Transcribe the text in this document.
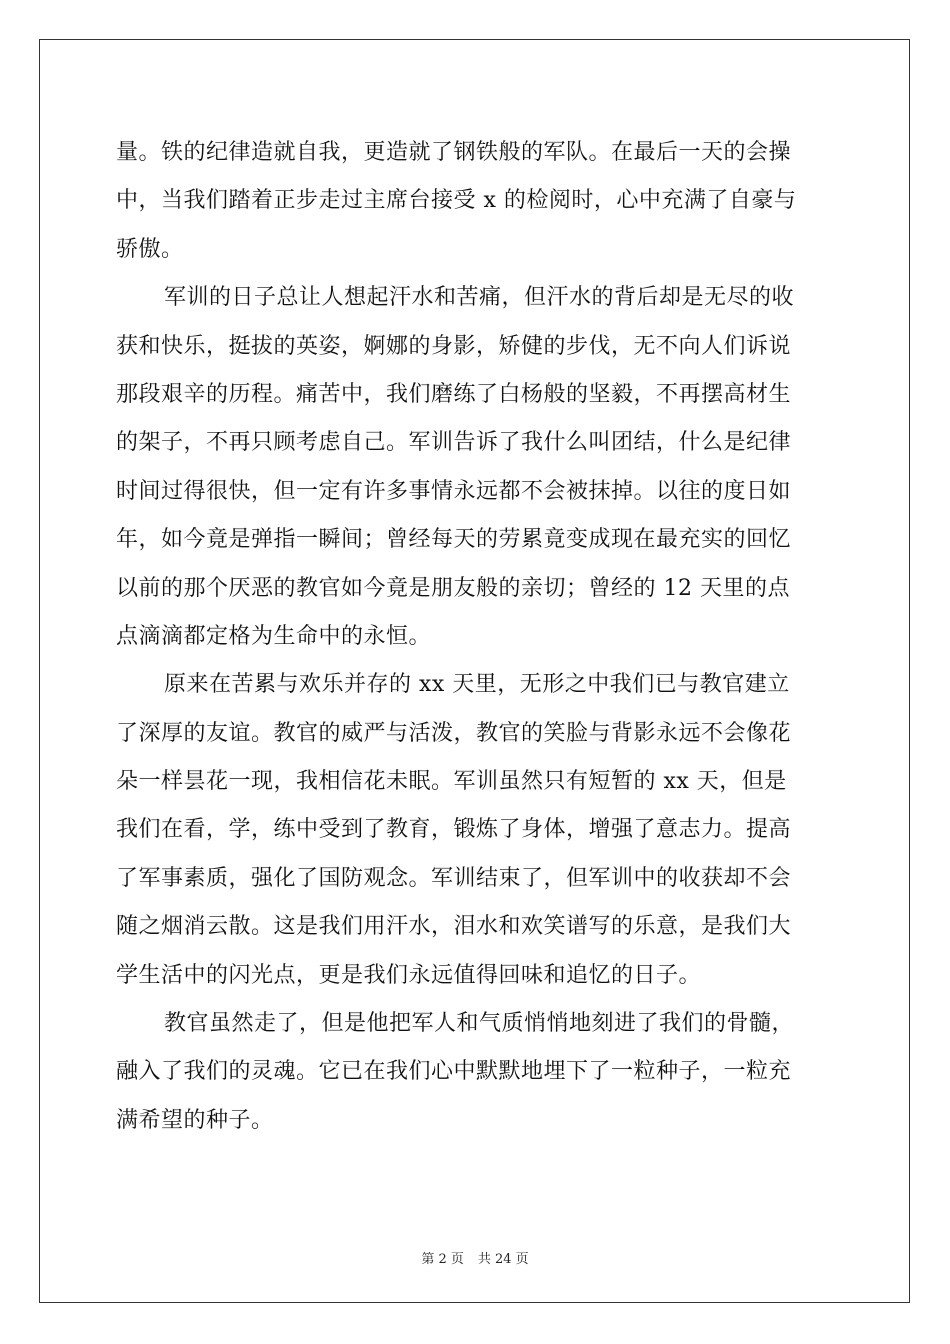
量。铁的纪律造就自我，更造就了钢铁般的军队。在最后一天的会操
中，当我们踏着正步走过主席台接受 x 的检阅时，心中充满了自豪与
骄傲。
军训的日子总让人想起汗水和苦痛，但汗水的背后却是无尽的收
获和快乐，挺拔的英姿，婀娜的身影，矫健的步伐，无不向人们诉说
那段艰辛的历程。痛苦中，我们磨练了白杨般的坚毅，不再摆高材生
的架子，不再只顾考虑自己。军训告诉了我什么叫团结，什么是纪律
时间过得很快，但一定有许多事情永远都不会被抹掉。以往的度日如
年，如今竟是弹指一瞬间；曾经每天的劳累竟变成现在最充实的回忆
以前的那个厌恶的教官如今竟是朋友般的亲切；曾经的 12 天里的点
点滴滴都定格为生命中的永恒。
原来在苦累与欢乐并存的 xx 天里，无形之中我们已与教官建立
了深厚的友谊。教官的威严与活泼，教官的笑脸与背影永远不会像花
朵一样昙花一现，我相信花未眠。军训虽然只有短暂的 xx 天，但是
我们在看，学，练中受到了教育，锻炼了身体，增强了意志力。提高
了军事素质，强化了国防观念。军训结束了，但军训中的收获却不会
随之烟消云散。这是我们用汗水，泪水和欢笑谱写的乐意，是我们大
学生活中的闪光点，更是我们永远值得回味和追忆的日子。
教官虽然走了，但是他把军人和气质悄悄地刻进了我们的骨髓，
融入了我们的灵魂。它已在我们心中默默地埋下了一粒种子，一粒充
满希望的种子。
第 2 页 共 24 页
